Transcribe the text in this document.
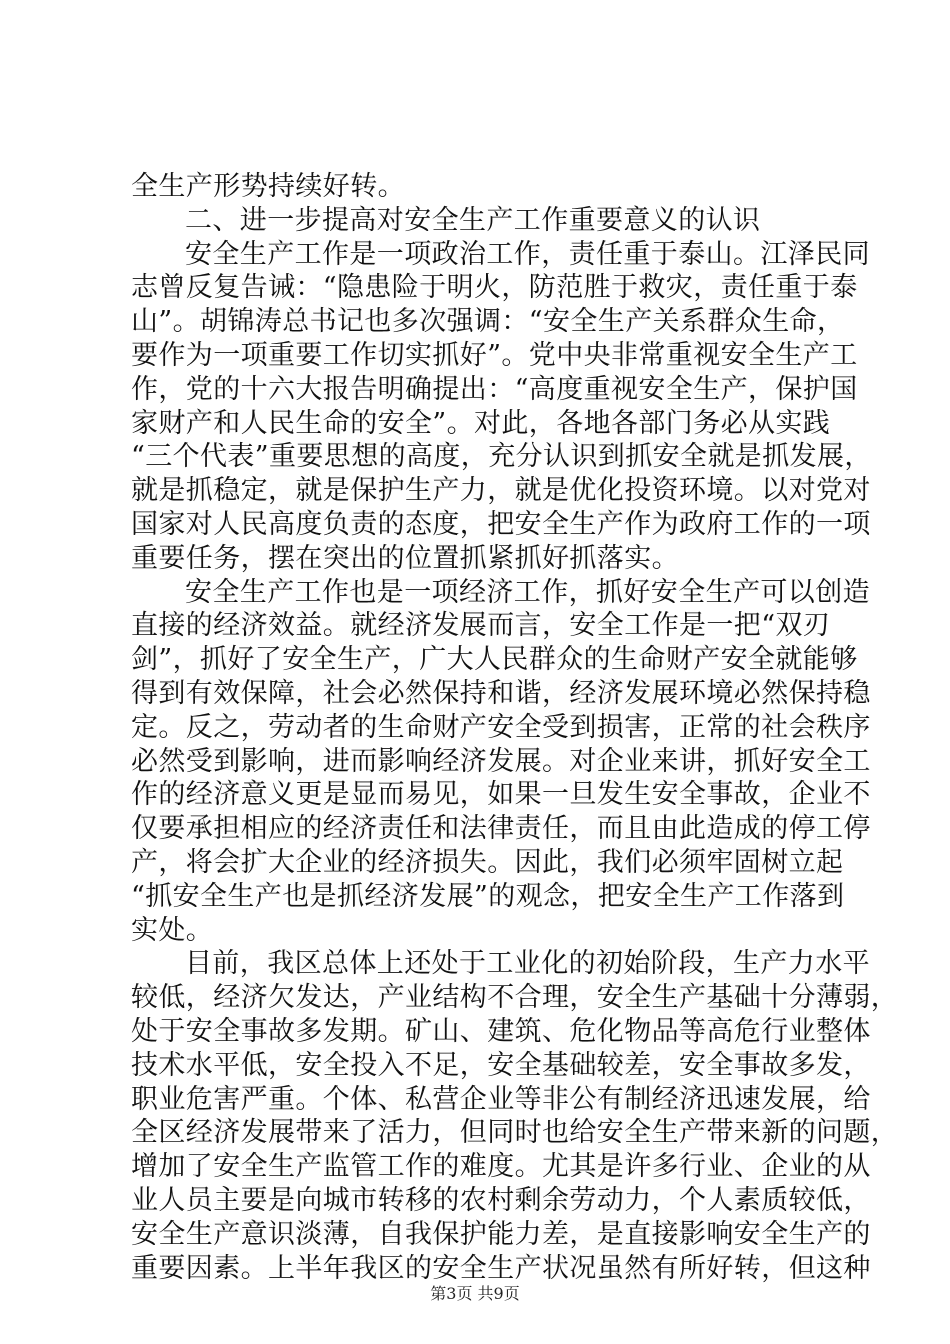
全生产形势持续好转。
二、进一步提高对安全生产工作重要意义的认识
安全生产工作是一项政治工作，责任重于泰山。江泽民同
志曾反复告诫：“隐患险于明火，防范胜于救灾，责任重于泰
山”。胡锦涛总书记也多次强调：“安全生产关系群众生命，
要作为一项重要工作切实抓好”。党中央非常重视安全生产工
作，党的十六大报告明确提出：“高度重视安全生产，保护国
家财产和人民生命的安全”。对此，各地各部门务必从实践
“三个代表”重要思想的高度，充分认识到抓安全就是抓发展，
就是抓稳定，就是保护生产力，就是优化投资环境。以对党对
国家对人民高度负责的态度，把安全生产作为政府工作的一项
重要任务，摆在突出的位置抓紧抓好抓落实。
安全生产工作也是一项经济工作，抓好安全生产可以创造
直接的经济效益。就经济发展而言，安全工作是一把“双刃
剑”，抓好了安全生产，广大人民群众的生命财产安全就能够
得到有效保障，社会必然保持和谐，经济发展环境必然保持稳
定。反之，劳动者的生命财产安全受到损害，正常的社会秩序
必然受到影响，进而影响经济发展。对企业来讲，抓好安全工
作的经济意义更是显而易见，如果一旦发生安全事故，企业不
仅要承担相应的经济责任和法律责任，而且由此造成的停工停
产，将会扩大企业的经济损失。因此，我们必须牢固树立起
“抓安全生产也是抓经济发展”的观念，把安全生产工作落到
实处。
目前，我区总体上还处于工业化的初始阶段，生产力水平
较低，经济欠发达，产业结构不合理，安全生产基础十分薄弱，
处于安全事故多发期。矿山、建筑、危化物品等高危行业整体
技术水平低，安全投入不足，安全基础较差，安全事故多发，
职业危害严重。个体、私营企业等非公有制经济迅速发展，给
全区经济发展带来了活力，但同时也给安全生产带来新的问题，
增加了安全生产监管工作的难度。尤其是许多行业、企业的从
业人员主要是向城市转移的农村剩余劳动力，个人素质较低，
安全生产意识淡薄，自我保护能力差，是直接影响安全生产的
重要因素。上半年我区的安全生产状况虽然有所好转，但这种
第3页 共9页
